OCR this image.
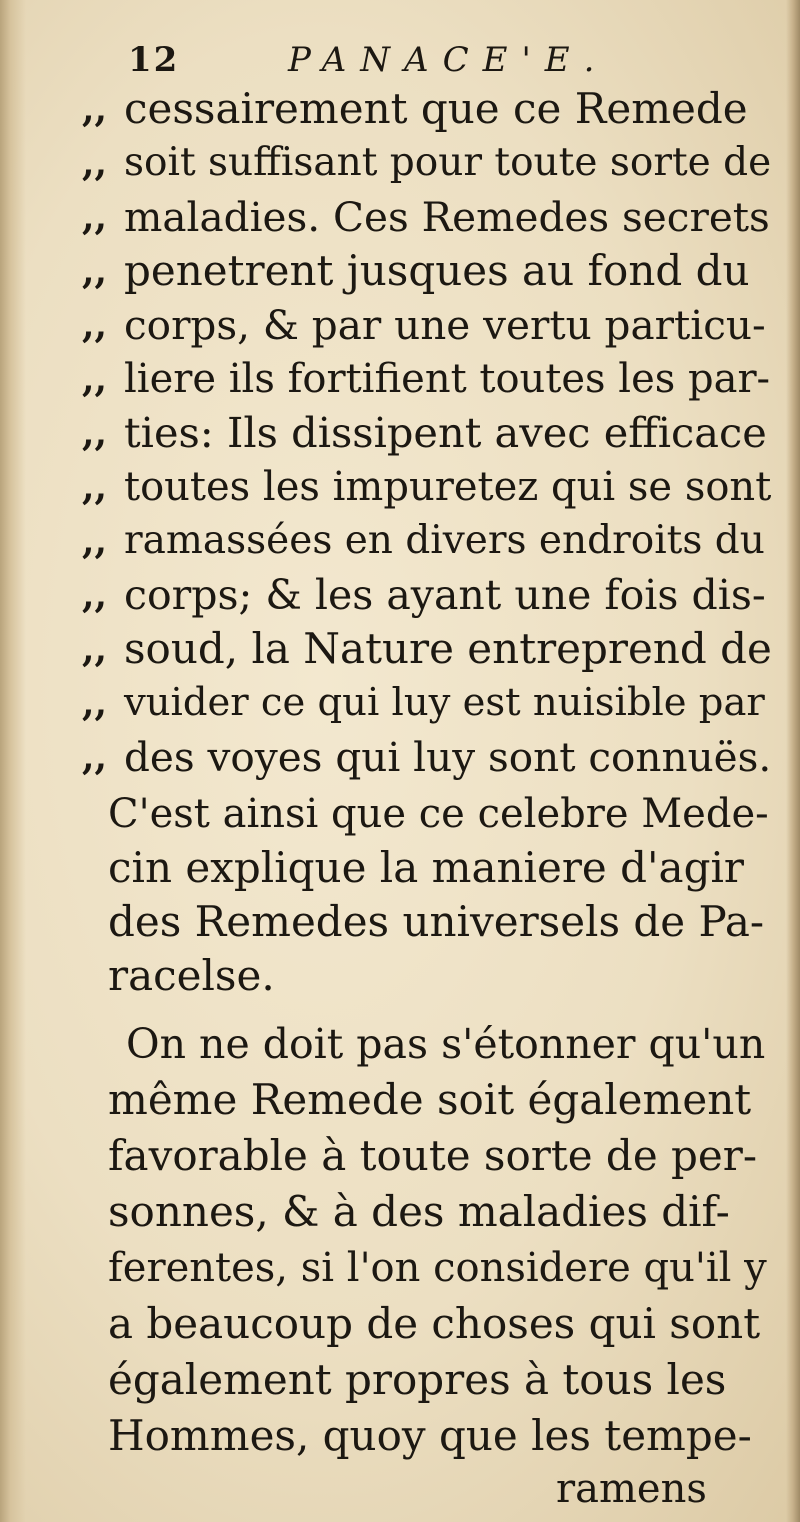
12	PANACE'E.
,, cessairement que ce Remede
,, soit suffisant pour toute sorte de
,, maladies. Ces Remedes secrets
,, penetrent jusques au fond du
,, corps, & par une vertu particu-
,, liere ils fortifient toutes les par-
,, ties: Ils dissipent avec efficace
,, toutes les impuretez qui se sont
,, ramassées en divers endroits du
,, corps; & les ayant une fois dis-
,, soud, la Nature entreprend de
,, vuider ce qui luy est nuisible par
,, des voyes qui luy sont connuës.
C'est ainsi que ce celebre Mede-
cin explique la maniere d'agir
des Remedes universels de Pa-
racelse.
On ne doit pas s'étonner qu'un
même Remede soit également
favorable à toute sorte de per-
sonnes, & à des maladies dif-
ferentes, si l'on considere qu'il y
a beaucoup de choses qui sont
également propres à tous les
Hommes, quoy que les tempe-
ramens
